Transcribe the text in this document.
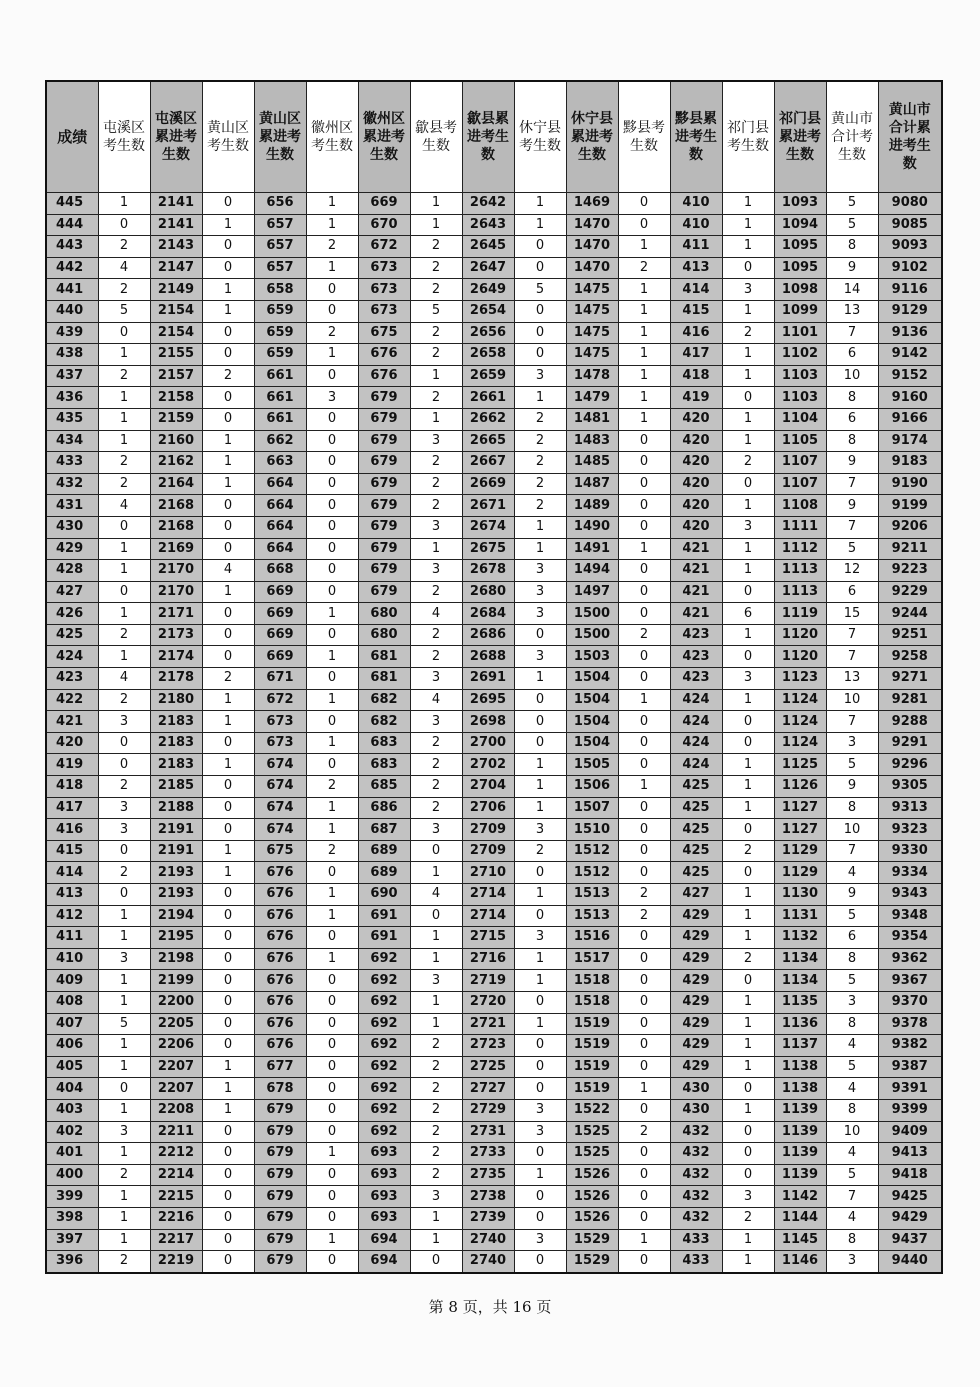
成绩	屯溪区考生数	屯溪区累进考生数	黄山区考生数	黄山区累进考生数	徽州区考生数	徽州区累进考生数	歙县考生数	歙县累进考生数	休宁县考生数	休宁县累进考生数	黟县考生数	黟县累进考生数	祁门县考生数	祁门县累进考生数	黄山市合计考生数	黄山市合计累进考生数
445	1	2141	0	656	1	669	1	2642	1	1469	0	410	1	1093	5	9080
444	0	2141	1	657	1	670	1	2643	1	1470	0	410	1	1094	5	9085
443	2	2143	0	657	2	672	2	2645	0	1470	1	411	1	1095	8	9093
442	4	2147	0	657	1	673	2	2647	0	1470	2	413	0	1095	9	9102
441	2	2149	1	658	0	673	2	2649	5	1475	1	414	3	1098	14	9116
440	5	2154	1	659	0	673	5	2654	0	1475	1	415	1	1099	13	9129
439	0	2154	0	659	2	675	2	2656	0	1475	1	416	2	1101	7	9136
438	1	2155	0	659	1	676	2	2658	0	1475	1	417	1	1102	6	9142
437	2	2157	2	661	0	676	1	2659	3	1478	1	418	1	1103	10	9152
436	1	2158	0	661	3	679	2	2661	1	1479	1	419	0	1103	8	9160
435	1	2159	0	661	0	679	1	2662	2	1481	1	420	1	1104	6	9166
434	1	2160	1	662	0	679	3	2665	2	1483	0	420	1	1105	8	9174
433	2	2162	1	663	0	679	2	2667	2	1485	0	420	2	1107	9	9183
432	2	2164	1	664	0	679	2	2669	2	1487	0	420	0	1107	7	9190
431	4	2168	0	664	0	679	2	2671	2	1489	0	420	1	1108	9	9199
430	0	2168	0	664	0	679	3	2674	1	1490	0	420	3	1111	7	9206
429	1	2169	0	664	0	679	1	2675	1	1491	1	421	1	1112	5	9211
428	1	2170	4	668	0	679	3	2678	3	1494	0	421	1	1113	12	9223
427	0	2170	1	669	0	679	2	2680	3	1497	0	421	0	1113	6	9229
426	1	2171	0	669	1	680	4	2684	3	1500	0	421	6	1119	15	9244
425	2	2173	0	669	0	680	2	2686	0	1500	2	423	1	1120	7	9251
424	1	2174	0	669	1	681	2	2688	3	1503	0	423	0	1120	7	9258
423	4	2178	2	671	0	681	3	2691	1	1504	0	423	3	1123	13	9271
422	2	2180	1	672	1	682	4	2695	0	1504	1	424	1	1124	10	9281
421	3	2183	1	673	0	682	3	2698	0	1504	0	424	0	1124	7	9288
420	0	2183	0	673	1	683	2	2700	0	1504	0	424	0	1124	3	9291
419	0	2183	1	674	0	683	2	2702	1	1505	0	424	1	1125	5	9296
418	2	2185	0	674	2	685	2	2704	1	1506	1	425	1	1126	9	9305
417	3	2188	0	674	1	686	2	2706	1	1507	0	425	1	1127	8	9313
416	3	2191	0	674	1	687	3	2709	3	1510	0	425	0	1127	10	9323
415	0	2191	1	675	2	689	0	2709	2	1512	0	425	2	1129	7	9330
414	2	2193	1	676	0	689	1	2710	0	1512	0	425	0	1129	4	9334
413	0	2193	0	676	1	690	4	2714	1	1513	2	427	1	1130	9	9343
412	1	2194	0	676	1	691	0	2714	0	1513	2	429	1	1131	5	9348
411	1	2195	0	676	0	691	1	2715	3	1516	0	429	1	1132	6	9354
410	3	2198	0	676	1	692	1	2716	1	1517	0	429	2	1134	8	9362
409	1	2199	0	676	0	692	3	2719	1	1518	0	429	0	1134	5	9367
408	1	2200	0	676	0	692	1	2720	0	1518	0	429	1	1135	3	9370
407	5	2205	0	676	0	692	1	2721	1	1519	0	429	1	1136	8	9378
406	1	2206	0	676	0	692	2	2723	0	1519	0	429	1	1137	4	9382
405	1	2207	1	677	0	692	2	2725	0	1519	0	429	1	1138	5	9387
404	0	2207	1	678	0	692	2	2727	0	1519	1	430	0	1138	4	9391
403	1	2208	1	679	0	692	2	2729	3	1522	0	430	1	1139	8	9399
402	3	2211	0	679	0	692	2	2731	3	1525	2	432	0	1139	10	9409
401	1	2212	0	679	1	693	2	2733	0	1525	0	432	0	1139	4	9413
400	2	2214	0	679	0	693	2	2735	1	1526	0	432	0	1139	5	9418
399	1	2215	0	679	0	693	3	2738	0	1526	0	432	3	1142	7	9425
398	1	2216	0	679	0	693	1	2739	0	1526	0	432	2	1144	4	9429
397	1	2217	0	679	1	694	1	2740	3	1529	1	433	1	1145	8	9437
396	2	2219	0	679	0	694	0	2740	0	1529	0	433	1	1146	3	9440
第 8 页，共 16 页
